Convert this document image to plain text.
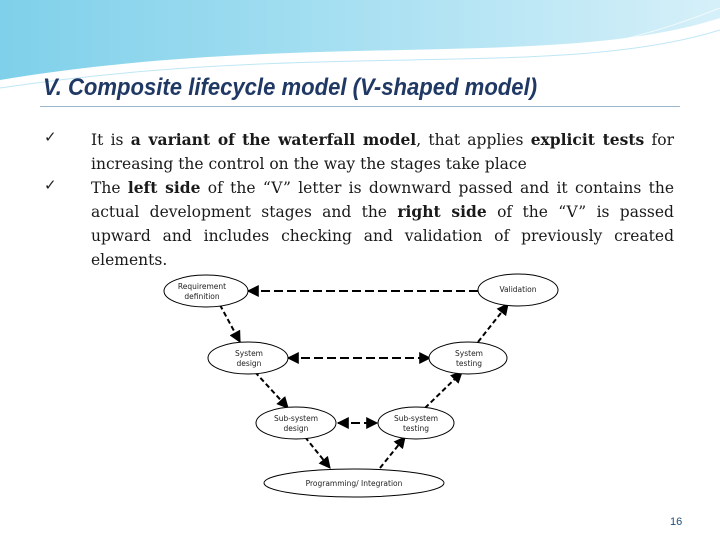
V. Composite lifecycle model (V-shaped model)
✓ It is a variant of the waterfall model, that applies explicit tests for increasing the control on the way the stages take place
✓ The left side of the “V” letter is downward passed and it contains the actual development stages and the right side of the “V” is passed upward and includes checking and validation of previously created elements.
Requirement
definition
Validation
System
design
System
testing
Sub-system
design
Sub-system
testing
Programming/ Integration
16
